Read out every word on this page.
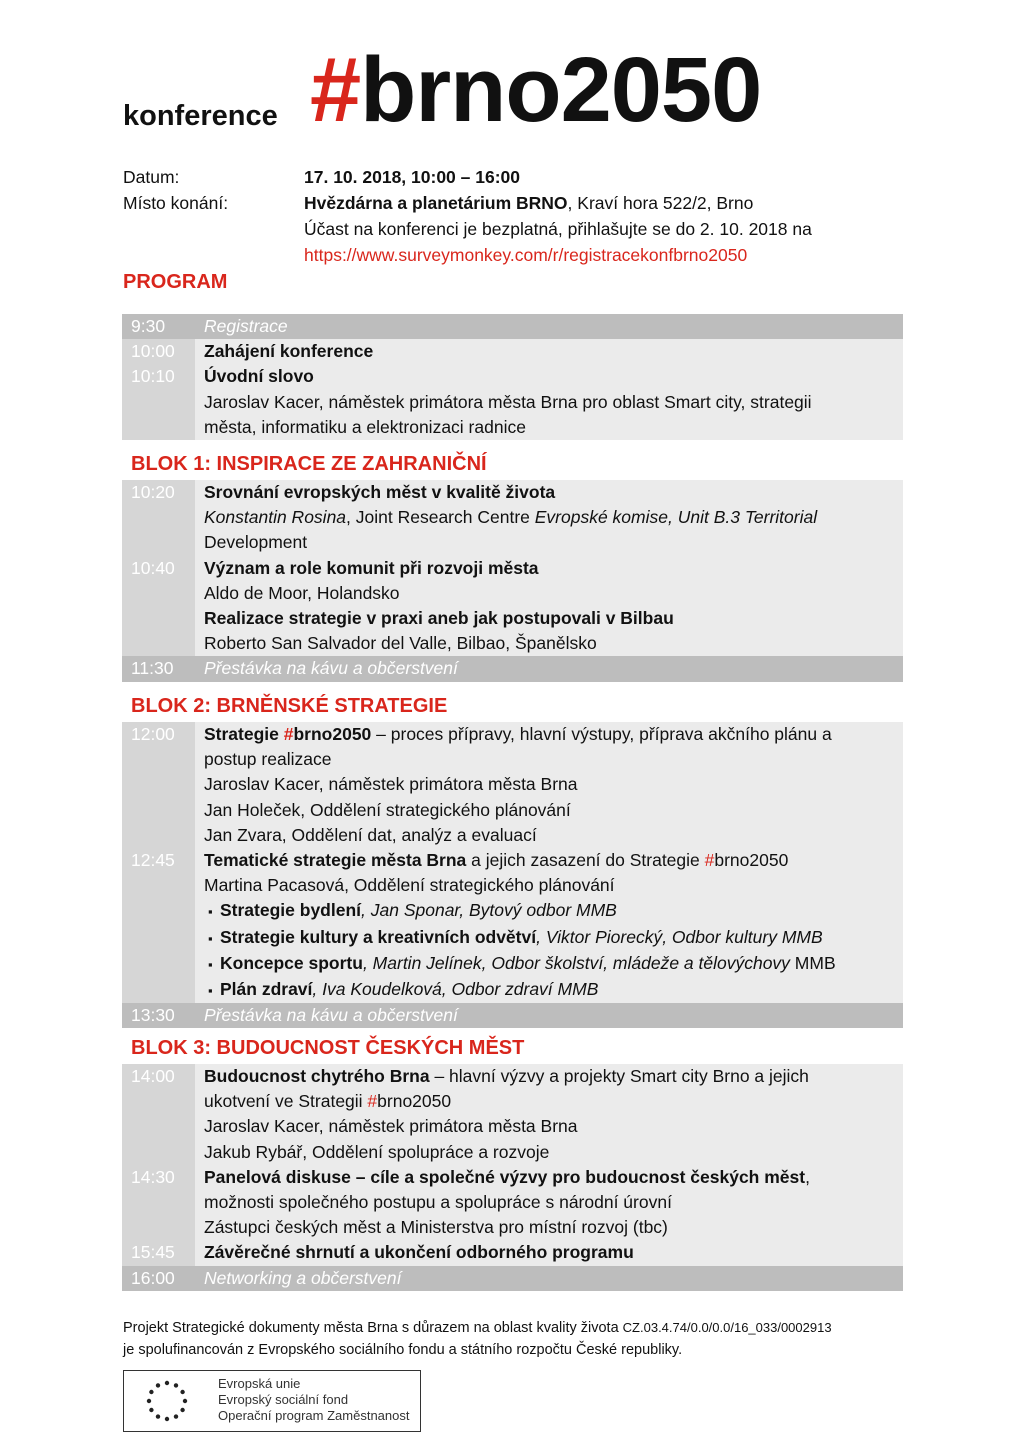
konference #brno2050
Datum:	17. 10. 2018, 10:00 – 16:00
Místo konání:	Hvězdárna a planetárium BRNO, Kraví hora 522/2, Brno
Účast na konferenci je bezplatná, přihlašujte se do 2. 10. 2018 na
https://www.surveymonkey.com/r/registracekonfbrno2050
PROGRAM
9:30	Registrace
10:00	Zahájení konference
10:10	Úvodní slovo
Jaroslav Kacer, náměstek primátora města Brna pro oblast Smart city, strategii
města, informatiku a elektronizaci radnice
BLOK 1: INSPIRACE ZE ZAHRANIČNÍ
10:20	Srovnání evropských měst v kvalitě života
Konstantin Rosina, Joint Research Centre Evropské komise, Unit B.3 Territorial
Development
10:40	Význam a role komunit při rozvoji města
Aldo de Moor, Holandsko
Realizace strategie v praxi aneb jak postupovali v Bilbau
Roberto San Salvador del Valle, Bilbao, Španělsko
11:30	Přestávka na kávu a občerstvení
BLOK 2: BRNĚNSKÉ STRATEGIE
12:00	Strategie #brno2050 – proces přípravy, hlavní výstupy, příprava akčního plánu a
postup realizace
Jaroslav Kacer, náměstek primátora města Brna
Jan Holeček, Oddělení strategického plánování
Jan Zvara, Oddělení dat, analýz a evaluací
12:45	Tematické strategie města Brna a jejich zasazení do Strategie #brno2050
Martina Pacasová, Oddělení strategického plánování
▪ Strategie bydlení, Jan Sponar, Bytový odbor MMB
▪ Strategie kultury a kreativních odvětví, Viktor Piorecký, Odbor kultury MMB
▪ Koncepce sportu, Martin Jelínek, Odbor školství, mládeže a tělovýchovy MMB
▪ Plán zdraví, Iva Koudelková, Odbor zdraví MMB
13:30	Přestávka na kávu a občerstvení
BLOK 3: BUDOUCNOST ČESKÝCH MĚST
14:00	Budoucnost chytrého Brna – hlavní výzvy a projekty Smart city Brno a jejich
ukotvení ve Strategii #brno2050
Jaroslav Kacer, náměstek primátora města Brna
Jakub Rybář, Oddělení spolupráce a rozvoje
14:30	Panelová diskuse – cíle a společné výzvy pro budoucnost českých měst,
možnosti společného postupu a spolupráce s národní úrovní
Zástupci českých měst a Ministerstva pro místní rozvoj (tbc)
15:45	Závěrečné shrnutí a ukončení odborného programu
16:00	Networking a občerstvení
Projekt Strategické dokumenty města Brna s důrazem na oblast kvality života CZ.03.4.74/0.0/0.0/16_033/0002913
je spolufinancován z Evropského sociálního fondu a státního rozpočtu České republiky.
Evropská unie
Evropský sociální fond
Operační program Zaměstnanost
